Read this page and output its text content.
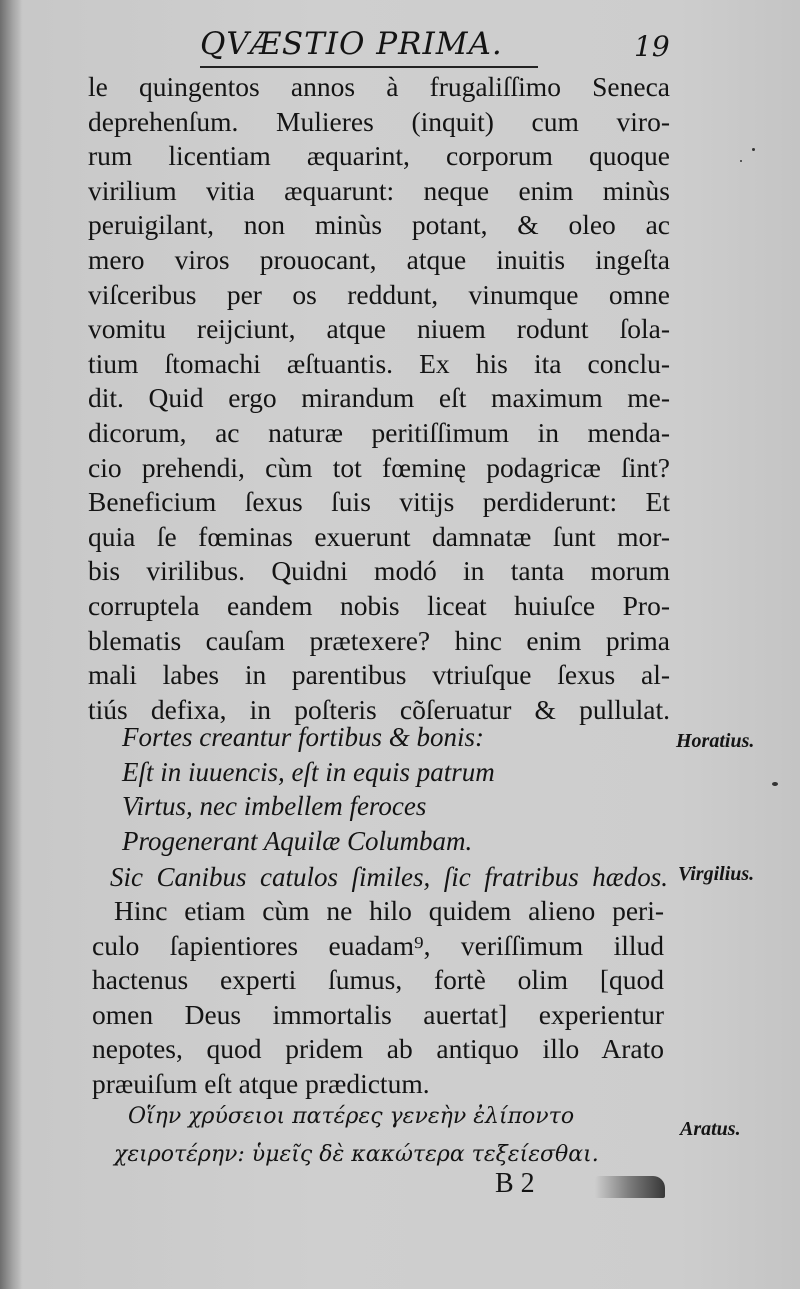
QVÆSTIO PRIMA.	19
le quingentos annos à frugaliſſimo Seneca
deprehenſum. Mulieres (inquit) cum viro-
rum licentiam æquarint, corporum quoque
virilium vitia æquarunt: neque enim minùs
peruigilant, non minùs potant, & oleo ac
mero viros prouocant, atque inuitis ingeſta
viſceribus per os reddunt, vinumque omne
vomitu reijciunt, atque niuem rodunt ſola-
tium ſtomachi æſtuantis. Ex his ita conclu-
dit. Quid ergo mirandum eſt maximum me-
dicorum, ac naturæ peritiſſimum in menda-
cio prehendi, cùm tot fœminę podagricæ ſint?
Beneficium ſexus ſuis vitijs perdiderunt: Et
quia ſe fœminas exuerunt damnatæ ſunt mor-
bis virilibus. Quidni modó in tanta morum
corruptela eandem nobis liceat huiuſce Pro-
blematis cauſam prætexere? hinc enim prima
mali labes in parentibus vtriuſque ſexus al-
tiús defixa, in poſteris cõſeruatur & pullulat.
Fortes creantur fortibus & bonis:
Eſt in iuuencis, eſt in equis patrum
Virtus, nec imbellem feroces
Progenerant Aquilæ Columbam.
Sic Canibus catulos ſimiles, ſic fratribus hædos.
Hinc etiam cùm ne hilo quidem alieno peri-
culo ſapientiores euadam⁹, veriſſimum illud
hactenus experti ſumus, fortè olim [quod
omen Deus immortalis auertat] experientur
nepotes, quod pridem ab antiquo illo Arato
præuiſum eſt atque prædictum.
Οἵην χρύσειοι πατέρες γενεὴν ἐλίποντο
χειροτέρην: ὑμεῖς δὲ κακώτερα τεξείεσθαι.
B 2
Horatius.
Virgilius.
Aratus.
